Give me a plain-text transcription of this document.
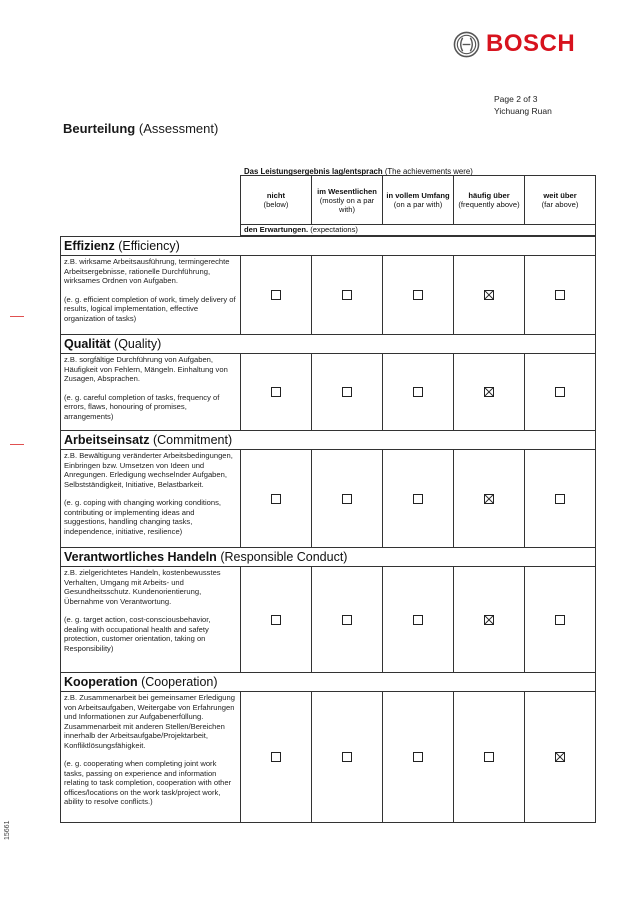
BOSCH
Page 2 of 3
Yichuang Ruan
Beurteilung (Assessment)
Das Leistungsergebnis lag/entsprach (The achievements were)
nicht
(below)
im Wesentlichen
(mostly on a par with)
in vollem Umfang
(on a par with)
häufig über
(frequently above)
weit über
(far above)
den Erwartungen. (expectations)
Effizienz (Efficiency)
z.B. wirksame Arbeitsausführung, termingerechte Arbeitsergebnisse, rationelle Durchführung, wirksames Ordnen von Aufgaben.
(e. g. efficient completion of work, timely delivery of results, logical implementation, effective organization of tasks)
Qualität (Quality)
z.B. sorgfältige Durchführung von Aufgaben, Häufigkeit von Fehlern, Mängeln. Einhaltung von Zusagen, Absprachen.
(e. g. careful completion of tasks, frequency of errors, flaws, honouring of promises, arrangements)
Arbeitseinsatz (Commitment)
z.B. Bewältigung veränderter Arbeitsbedingungen, Einbringen bzw. Umsetzen von Ideen und Anregungen. Erledigung wechselnder Aufgaben, Selbstständigkeit, Initiative, Belastbarkeit.
(e. g. coping with changing working conditions, contributing or implementing ideas and suggestions, handling changing tasks, independence, initiative, resilience)
Verantwortliches Handeln (Responsible Conduct)
z.B. zielgerichtetes Handeln, kostenbewusstes Verhalten, Umgang mit Arbeits- und Gesundheitsschutz. Kundenorientierung, Übernahme von Verantwortung.
(e. g. target action, cost-consciousbehavior, dealing with occupational health and safety protection, customer orientation, taking on Responsibility)
Kooperation (Cooperation)
z.B. Zusammenarbeit bei gemeinsamer Erledigung von Arbeitsaufgaben, Weitergabe von Erfahrungen und Informationen zur Aufgabenerfüllung. Zusammenarbeit mit anderen Stellen/Bereichen innerhalb der Arbeitsaufgabe/Projektarbeit, Konfliktlösungsfähigkeit.
(e. g. cooperating when completing joint work tasks, passing on experience and information relating to task completion, cooperation with other offices/locations on the work task/project work, ability to resolve conflicts.)
15661
